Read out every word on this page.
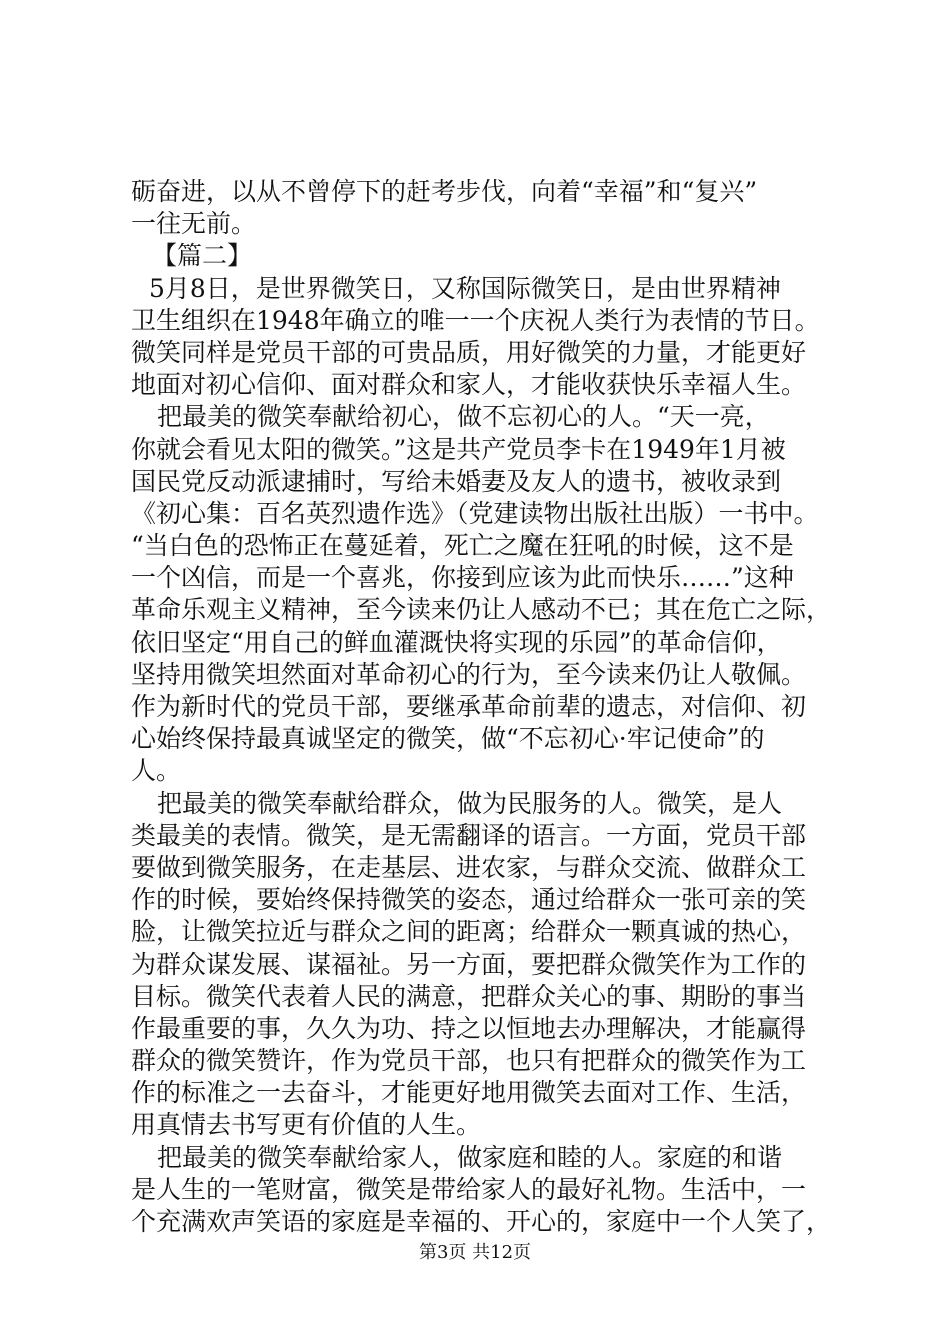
砺奋进，以从不曾停下的赶考步伐，向着“幸福”和“复兴”
一往无前。
【篇二】
5月8日，是世界微笑日，又称国际微笑日，是由世界精神
卫生组织在1948年确立的唯一一个庆祝人类行为表情的节日。
微笑同样是党员干部的可贵品质，用好微笑的力量，才能更好
地面对初心信仰、面对群众和家人，才能收获快乐幸福人生。
把最美的微笑奉献给初心，做不忘初心的人。“天一亮，
你就会看见太阳的微笑。”这是共产党员李卡在1949年1月被
国民党反动派逮捕时，写给未婚妻及友人的遗书，被收录到
《初心集：百名英烈遗作选》（党建读物出版社出版）一书中。
“当白色的恐怖正在蔓延着，死亡之魔在狂吼的时候，这不是
一个凶信，而是一个喜兆，你接到应该为此而快乐……”这种
革命乐观主义精神，至今读来仍让人感动不已；其在危亡之际，
依旧坚定“用自己的鲜血灌溉快将实现的乐园”的革命信仰，
坚持用微笑坦然面对革命初心的行为，至今读来仍让人敬佩。
作为新时代的党员干部，要继承革命前辈的遗志，对信仰、初
心始终保持最真诚坚定的微笑，做“不忘初心·牢记使命”的
人。
把最美的微笑奉献给群众，做为民服务的人。微笑，是人
类最美的表情。微笑，是无需翻译的语言。一方面，党员干部
要做到微笑服务，在走基层、进农家，与群众交流、做群众工
作的时候，要始终保持微笑的姿态，通过给群众一张可亲的笑
脸，让微笑拉近与群众之间的距离；给群众一颗真诚的热心，
为群众谋发展、谋福祉。另一方面，要把群众微笑作为工作的
目标。微笑代表着人民的满意，把群众关心的事、期盼的事当
作最重要的事，久久为功、持之以恒地去办理解决，才能赢得
群众的微笑赞许，作为党员干部，也只有把群众的微笑作为工
作的标准之一去奋斗，才能更好地用微笑去面对工作、生活，
用真情去书写更有价值的人生。
把最美的微笑奉献给家人，做家庭和睦的人。家庭的和谐
是人生的一笔财富，微笑是带给家人的最好礼物。生活中，一
个充满欢声笑语的家庭是幸福的、开心的，家庭中一个人笑了，
第3页 共12页
